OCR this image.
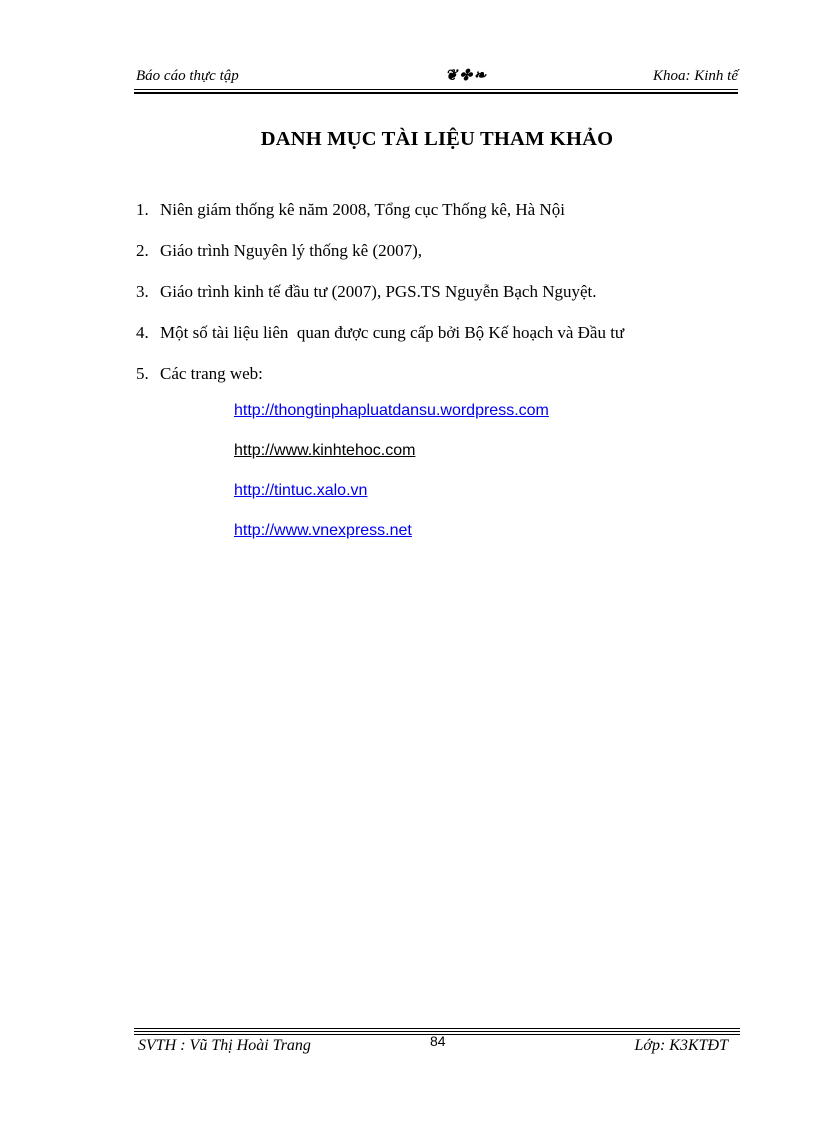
Báo cáo thực tập	❦ ✤ ❧	Khoa: Kinh tế
DANH MỤC TÀI LIỆU THAM KHẢO
1. Niên giám thống kê năm 2008, Tổng cục Thống kê, Hà Nội
2. Giáo trình Nguyên lý thống kê (2007),
3. Giáo trình kinh tế đầu tư (2007), PGS.TS Nguyễn Bạch Nguyệt.
4. Một số tài liệu liên  quan được cung cấp bởi Bộ Kế hoạch và Đầu tư
5. Các trang web:
http://thongtinphapluatdansu.wordpress.com
http://www.kinhtehoc.com
http://tintuc.xalo.vn
http://www.vnexpress.net
SVTH : Vũ Thị Hoài Trang	84	Lớp: K3KTĐT
